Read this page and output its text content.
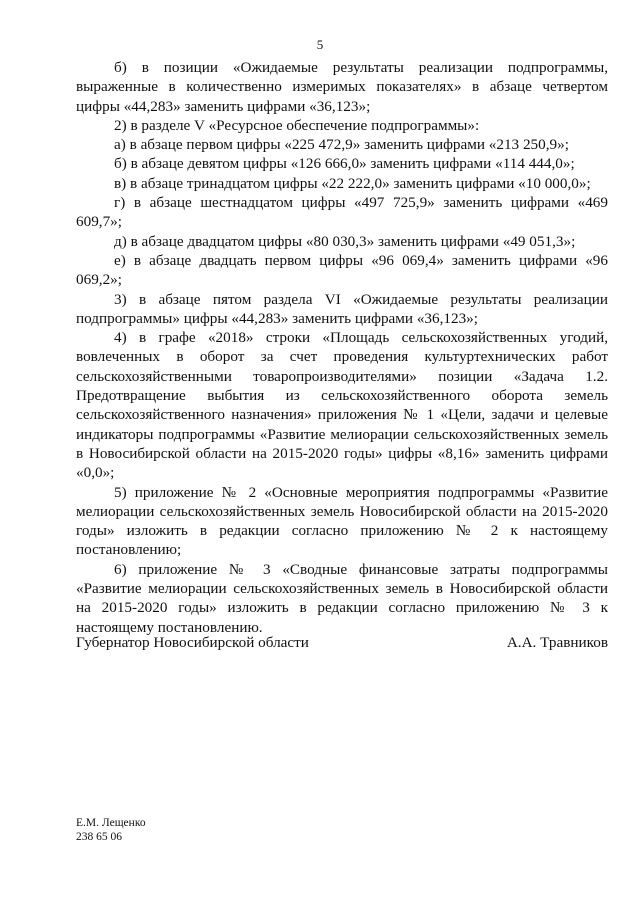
5

б) в позиции «Ожидаемые результаты реализации подпрограммы, выраженные в количественно измеримых показателях» в абзаце четвертом цифры «44,283» заменить цифрами «36,123»;

2) в разделе V «Ресурсное обеспечение подпрограммы»:

а) в абзаце первом цифры «225 472,9» заменить цифрами «213 250,9»;

б) в абзаце девятом цифры «126 666,0» заменить цифрами «114 444,0»;

в) в абзаце тринадцатом цифры «22 222,0» заменить цифрами «10 000,0»;

г) в абзаце шестнадцатом цифры «497 725,9» заменить цифрами «469 609,7»;

д) в абзаце двадцатом цифры «80 030,3» заменить цифрами «49 051,3»;

е) в абзаце двадцать первом цифры «96 069,4» заменить цифрами «96 069,2»;

3) в абзаце пятом раздела VI «Ожидаемые результаты реализации подпрограммы» цифры «44,283» заменить цифрами «36,123»;

4) в графе «2018» строки «Площадь сельскохозяйственных угодий, вовлеченных в оборот за счет проведения культуртехнических работ сельскохозяйственными товаропроизводителями» позиции «Задача 1.2. Предотвращение выбытия из сельскохозяйственного оборота земель сельскохозяйственного назначения» приложения № 1 «Цели, задачи и целевые индикаторы подпрограммы «Развитие мелиорации сельскохозяйственных земель в Новосибирской области на 2015-2020 годы» цифры «8,16» заменить цифрами «0,0»;

5) приложение № 2 «Основные мероприятия подпрограммы «Развитие мелиорации сельскохозяйственных земель Новосибирской области на 2015-2020 годы» изложить в редакции согласно приложению № 2 к настоящему постановлению;

6) приложение № 3 «Сводные финансовые затраты подпрограммы «Развитие мелиорации сельскохозяйственных земель в Новосибирской области на 2015-2020 годы» изложить в редакции согласно приложению № 3 к настоящему постановлению.

Губернатор Новосибирской области	А.А. Травников
Е.М. Лещенко
238 65 06
